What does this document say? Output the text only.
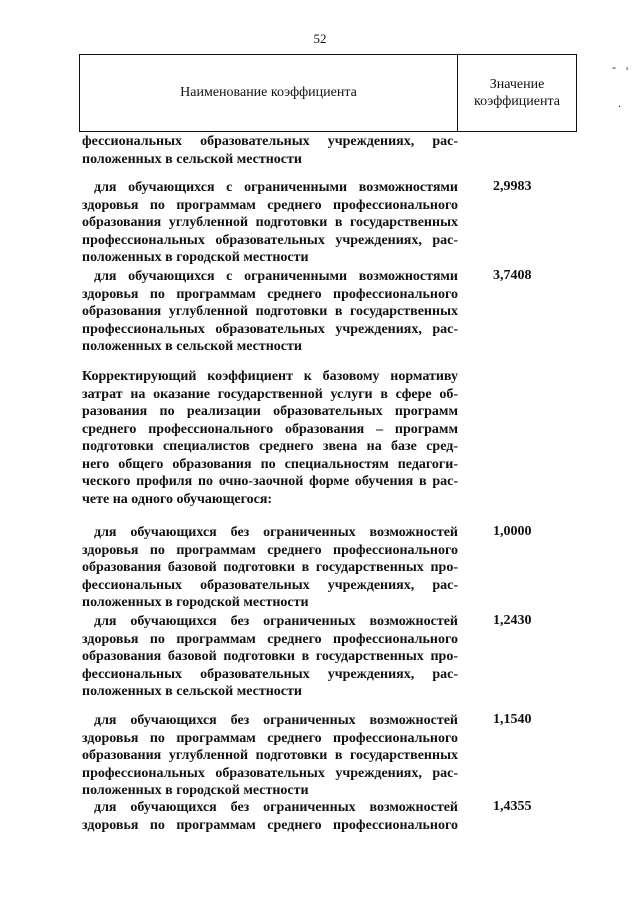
52
- '
.
Наименование коэффициента
Значение
коэффициента
фессиональных образовательных учреждениях, рас-
положенных в сельской местности
для обучающихся с ограниченными возможностями
здоровья по программам среднего профессионального
образования углубленной подготовки в государственных
профессиональных образовательных учреждениях, рас-
положенных в городской местности
2,9983
для обучающихся с ограниченными возможностями
здоровья по программам среднего профессионального
образования углубленной подготовки в государственных
профессиональных образовательных учреждениях, рас-
положенных в сельской местности
3,7408
Корректирующий коэффициент к базовому нормативу
затрат на оказание государственной услуги в сфере об-
разования по реализации образовательных программ
среднего профессионального образования – программ
подготовки специалистов среднего звена на базе сред-
него общего образования по специальностям педагоги-
ческого профиля по очно-заочной форме обучения в рас-
чете на одного обучающегося:
для обучающихся без ограниченных возможностей
здоровья по программам среднего профессионального
образования базовой подготовки в государственных про-
фессиональных образовательных учреждениях, рас-
положенных в городской местности
1,0000
для обучающихся без ограниченных возможностей
здоровья по программам среднего профессионального
образования базовой подготовки в государственных про-
фессиональных образовательных учреждениях, рас-
положенных в сельской местности
1,2430
для обучающихся без ограниченных возможностей
здоровья по программам среднего профессионального
образования углубленной подготовки в государственных
профессиональных образовательных учреждениях, рас-
положенных в городской местности
1,1540
для обучающихся без ограниченных возможностей
здоровья по программам среднего профессионального
1,4355
